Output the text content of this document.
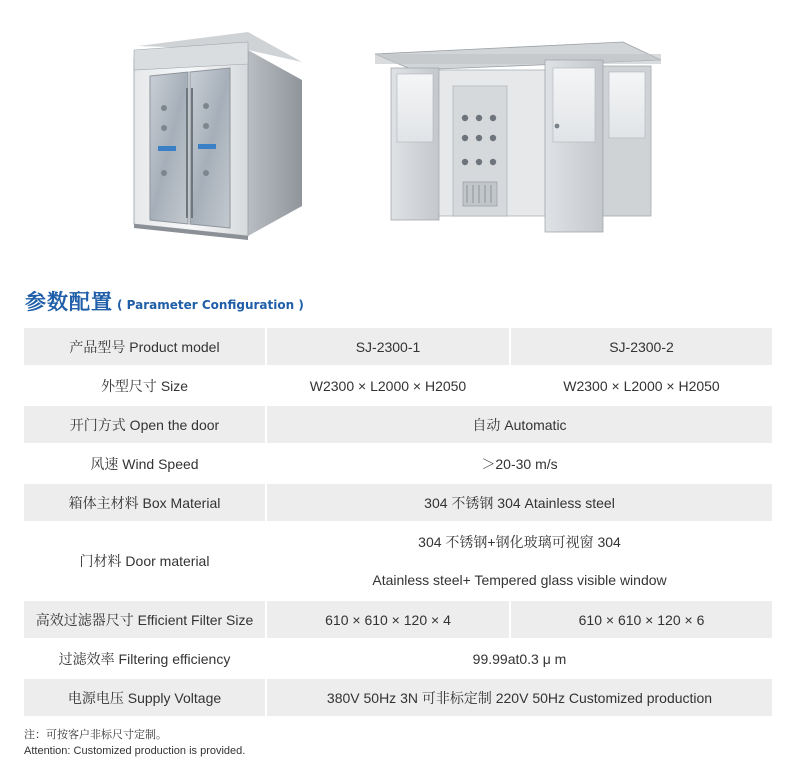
参数配置 ( Parameter Configuration )
产品型号 Product model	SJ-2300-1	SJ-2300-2
外型尺寸 Size	W2300 × L2000 × H2050	W2300 × L2000 × H2050
开门方式 Open the door	自动 Automatic	
风速 Wind Speed	＞20-30 m/s	
箱体主材料 Box Material	304 不锈钢 304 Atainless steel	
门材料 Door material	304 不锈钢+钢化玻璃可视窗 304
Atainless steel+ Tempered glass visible window	

高效过滤器尺寸 Efficient Filter Size	610 × 610 × 120 × 4	610 × 610 × 120 × 6
过滤效率 Filtering efficiency	99.99at0.3 μ m	
电源电压 Supply Voltage	380V 50Hz 3N 可非标定制 220V 50Hz Customized production	
注：可按客户非标尺寸定制。
Attention: Customized production is provided.
